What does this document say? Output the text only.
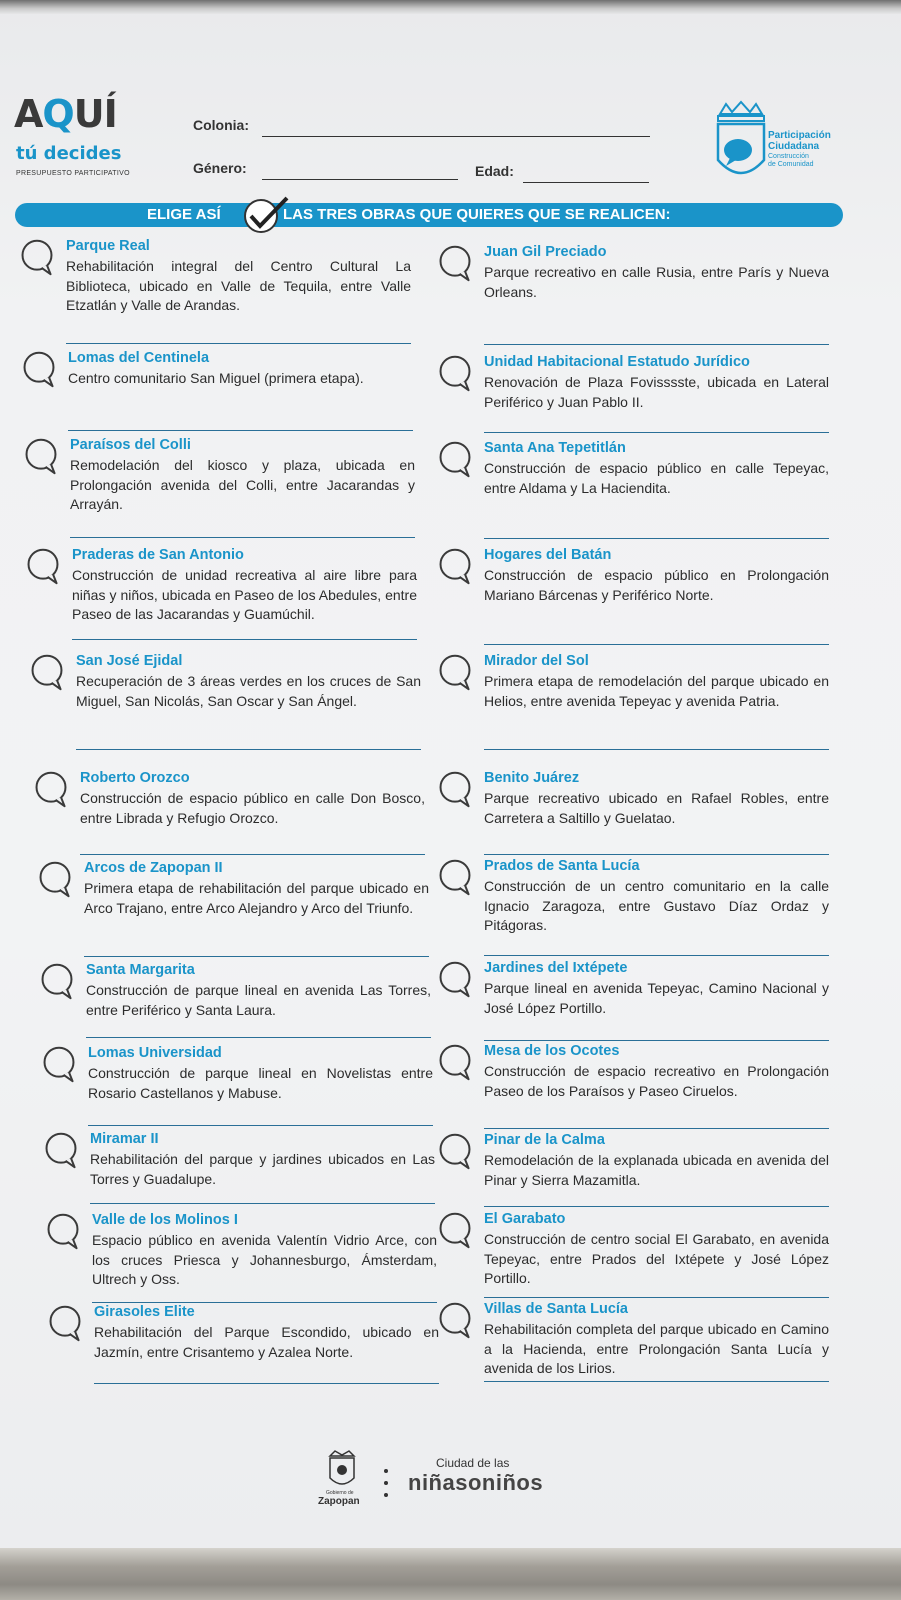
AQUÍ
tú decides
PRESUPUESTO PARTICIPATIVO
Colonia:
Género:	Edad:
Participación
Ciudadana
Construcción
de Comunidad
ELIGE ASÍ	LAS TRES OBRAS QUE QUIERES QUE SE REALICEN:
Parque Real
Rehabilitación integral del Centro Cultural La Biblioteca, ubicado en Valle de Tequila, entre Valle Etzatlán y Valle de Arandas.
Lomas del Centinela
Centro comunitario San Miguel (primera etapa).
Paraísos del Colli
Remodelación del kiosco y plaza, ubicada en Prolongación avenida del Colli, entre Jacarandas y Arrayán.
Praderas de San Antonio
Construcción de unidad recreativa al aire libre para niñas y niños, ubicada en Paseo de los Abedules, entre Paseo de las Jacarandas y Guamúchil.
San José Ejidal
Recuperación de 3 áreas verdes en los cruces de San Miguel, San Nicolás, San Oscar y San Ángel.
Roberto Orozco
Construcción de espacio público en calle Don Bosco, entre Librada y Refugio Orozco.
Arcos de Zapopan II
Primera etapa de rehabilitación del parque ubicado en Arco Trajano, entre Arco Alejandro y Arco del Triunfo.
Santa Margarita
Construcción de parque lineal en avenida Las Torres, entre Periférico y Santa Laura.
Lomas Universidad
Construcción de parque lineal en Novelistas entre Rosario Castellanos y Mabuse.
Miramar II
Rehabilitación del parque y jardines ubicados en Las Torres y Guadalupe.
Valle de los Molinos I
Espacio público en avenida Valentín Vidrio Arce, con los cruces Priesca y Johannesburgo, Ámsterdam, Ultrech y Oss.
Girasoles Elite
Rehabilitación del Parque Escondido, ubicado en Jazmín, entre Crisantemo y Azalea Norte.
Juan Gil Preciado
Parque recreativo en calle Rusia, entre París y Nueva Orleans.
Unidad Habitacional Estatudo Jurídico
Renovación de Plaza Fovisssste, ubicada en Lateral Periférico y Juan Pablo II.
Santa Ana Tepetitlán
Construcción de espacio público en calle Tepeyac, entre Aldama y La Haciendita.
Hogares del Batán
Construcción de espacio público en Prolongación Mariano Bárcenas y Periférico Norte.
Mirador del Sol
Primera etapa de remodelación del parque ubicado en Helios, entre avenida Tepeyac y avenida Patria.
Benito Juárez
Parque recreativo ubicado en Rafael Robles, entre Carretera a Saltillo y Guelatao.
Prados de Santa Lucía
Construcción de un centro comunitario en la calle Ignacio Zaragoza, entre Gustavo Díaz Ordaz y Pitágoras.
Jardines del Ixtépete
Parque lineal en avenida Tepeyac, Camino Nacional y José López Portillo.
Mesa de los Ocotes
Construcción de espacio recreativo en Prolongación Paseo de los Paraísos y Paseo Ciruelos.
Pinar de la Calma
Remodelación de la explanada ubicada en avenida del Pinar y Sierra Mazamitla.
El Garabato
Construcción de centro social El Garabato, en avenida Tepeyac, entre Prados del Ixtépete y José López Portillo.
Villas de Santa Lucía
Rehabilitación completa del parque ubicado en Camino a la Hacienda, entre Prolongación Santa Lucía y avenida de los Lirios.
Gobierno de
Zapopan
Ciudad de las
niñasoniños
